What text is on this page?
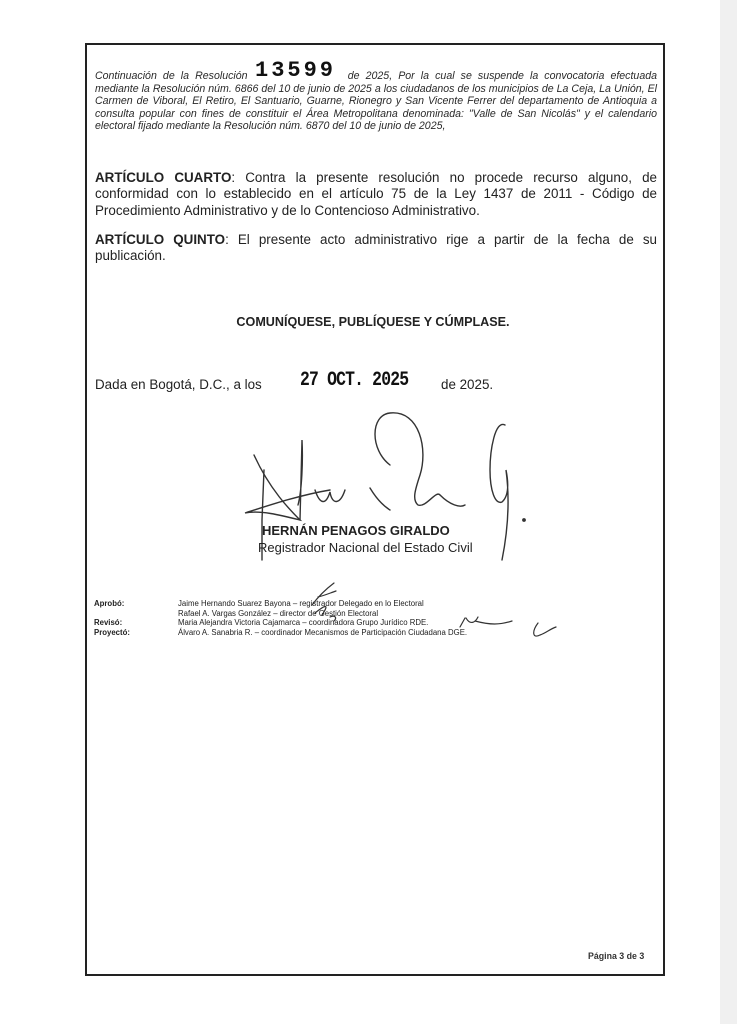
13599
Continuación de la Resolución	de 2025, Por la cual se suspende la convocatoria efectuada mediante la Resolución núm. 6866 del 10 de junio de 2025 a los ciudadanos de los municipios de La Ceja, La Unión, El Carmen de Viboral, El Retiro, El Santuario, Guarne, Rionegro y San Vicente Ferrer del departamento de Antioquia a consulta popular con fines de constituir el Área Metropolitana denominada: "Valle de San Nicolás" y el calendario electoral fijado mediante la Resolución núm. 6870 del 10 de junio de 2025,
ARTÍCULO CUARTO: Contra la presente resolución no procede recurso alguno, de conformidad con lo establecido en el artículo 75 de la Ley 1437 de 2011 - Código de Procedimiento Administrativo y de lo Contencioso Administrativo.
ARTÍCULO QUINTO: El presente acto administrativo rige a partir de la fecha de su publicación.
COMUNÍQUESE, PUBLÍQUESE Y CÚMPLASE.
Dada en Bogotá, D.C., a los 27 OCT. 2025 de 2025.
HERNÁN PENAGOS GIRALDO
Registrador Nacional del Estado Civil
Aprobó:	Jaime Hernando Suarez Bayona – registrador Delegado en lo Electoral
Rafael A. Vargas González – director de Gestión Electoral
Revisó:	Maria Alejandra Victoria Cajamarca – coordinadora Grupo Jurídico RDE.
Proyectó:	Álvaro A. Sanabria R. – coordinador Mecanismos de Participación Ciudadana DGE.
Página 3 de 3
